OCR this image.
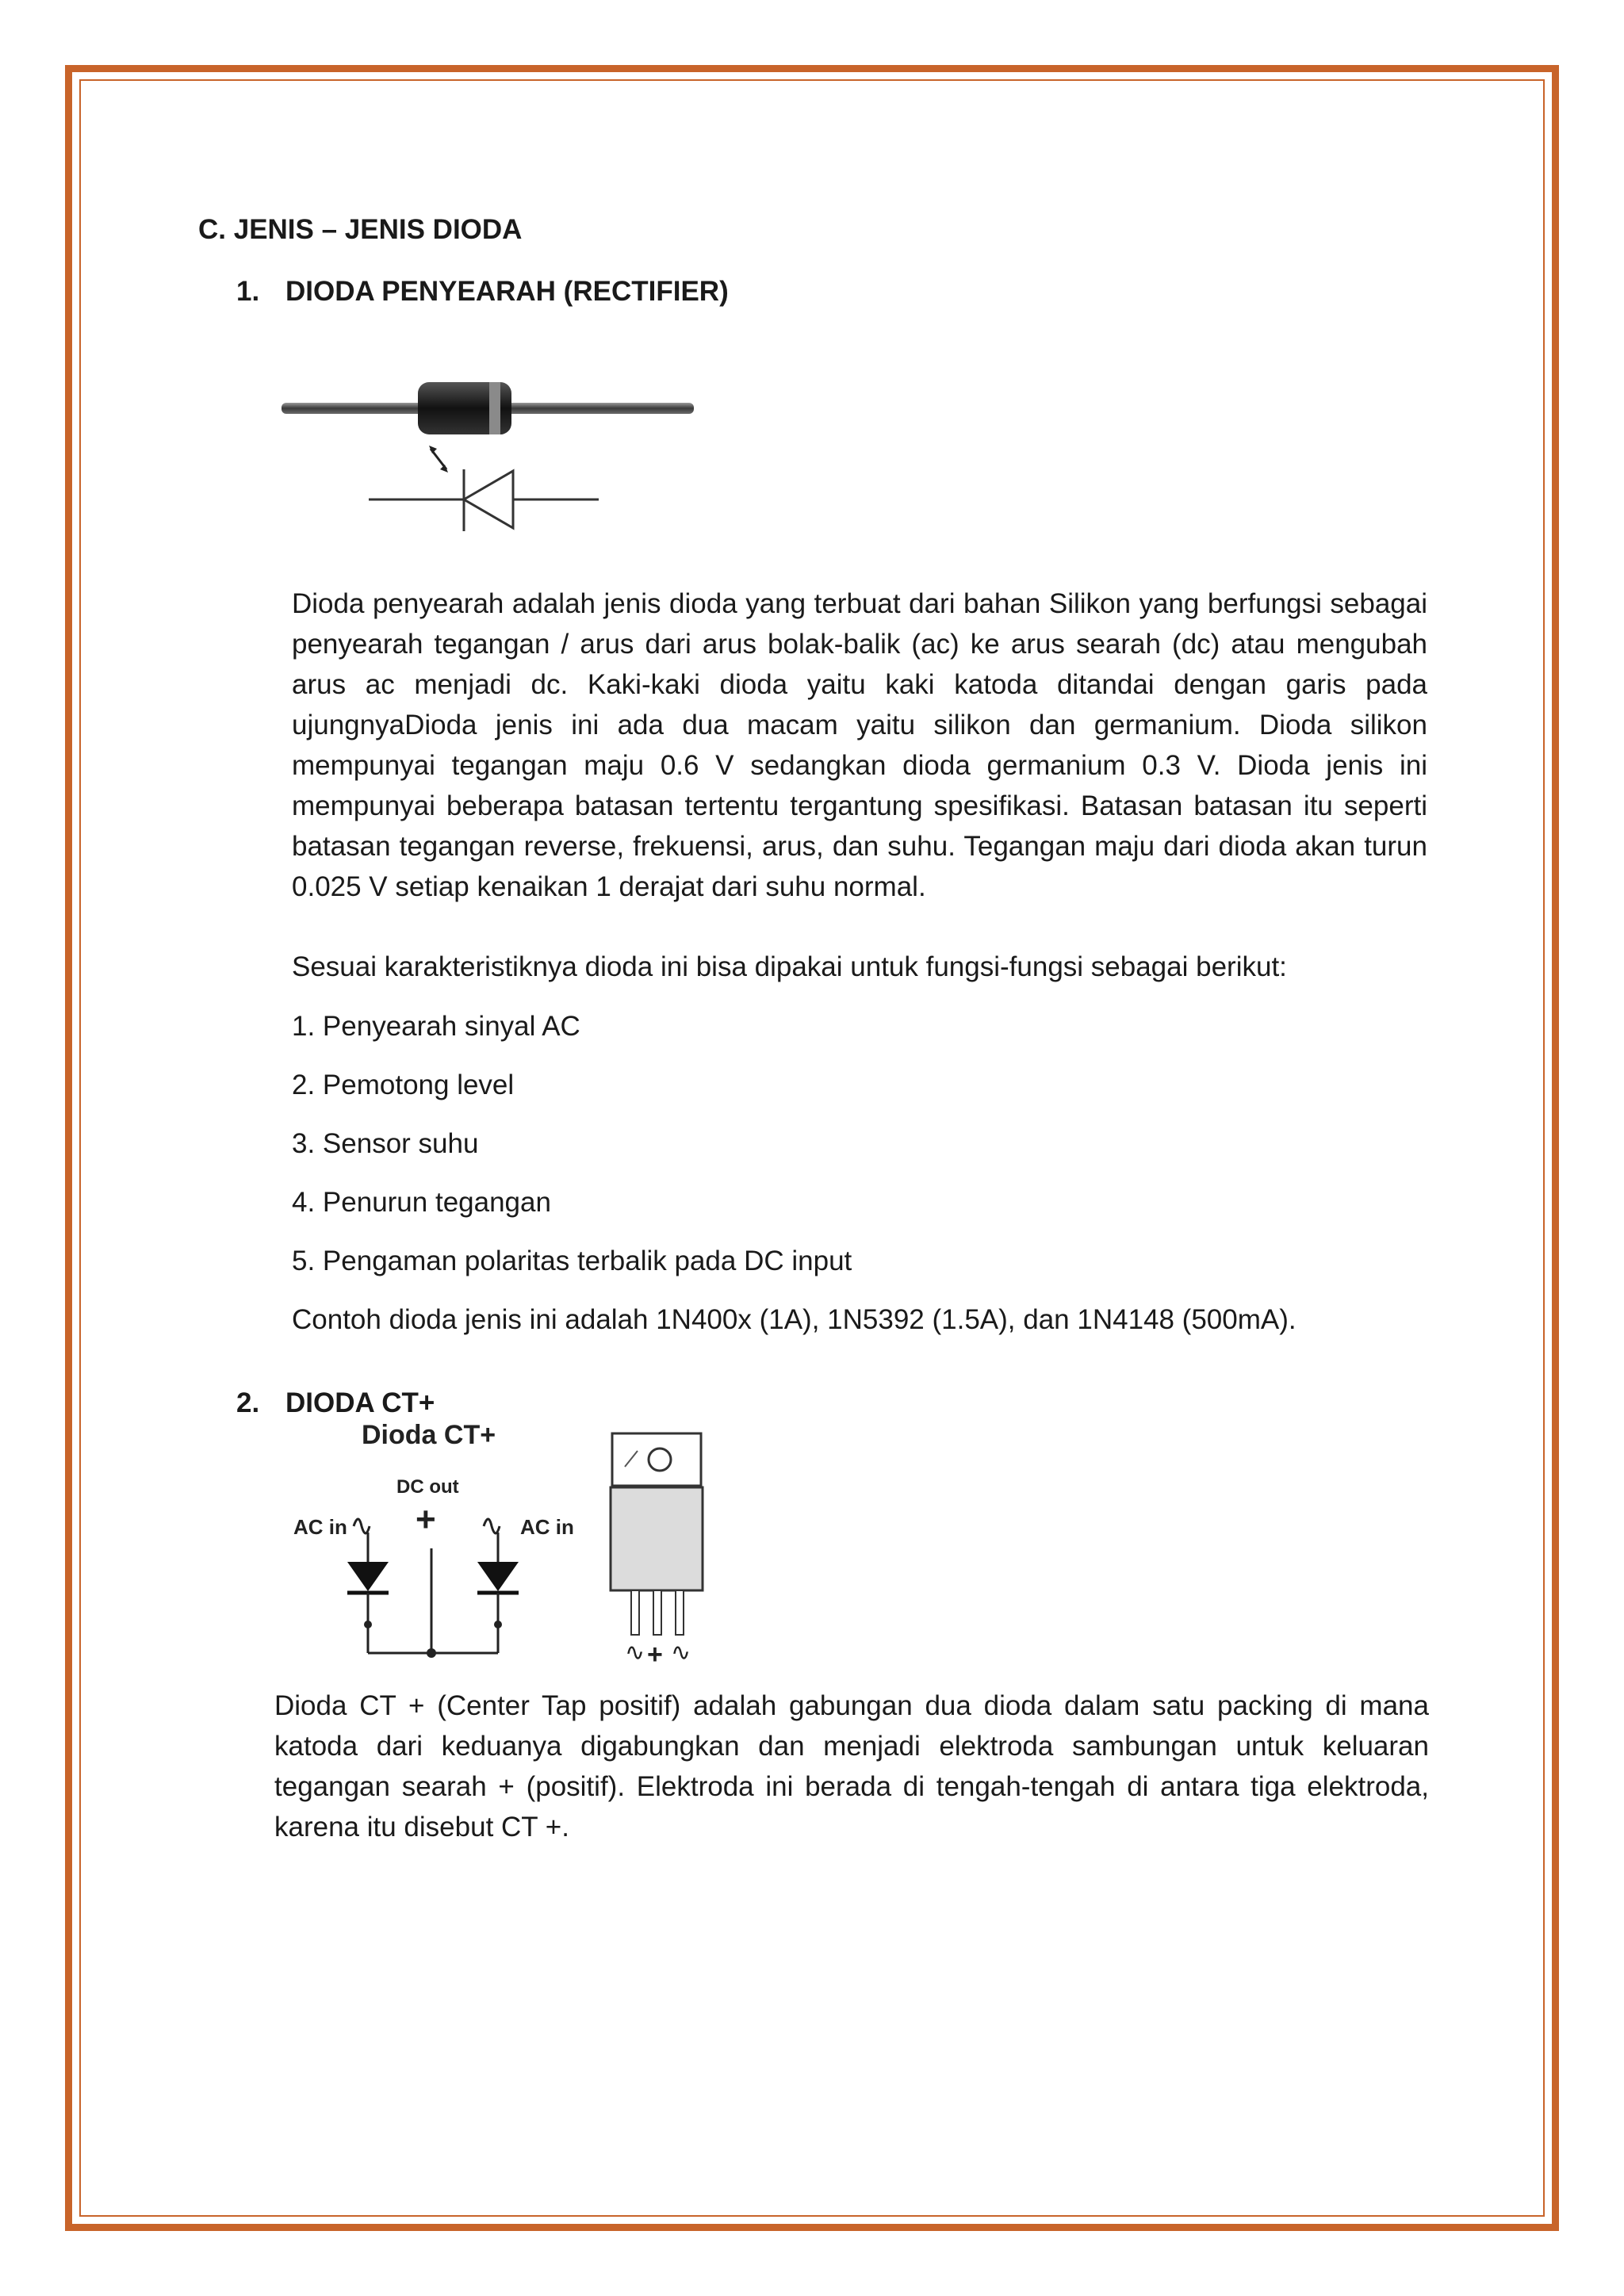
C. JENIS – JENIS DIODA
1. DIODA PENYEARAH (RECTIFIER)
Dioda penyearah adalah jenis dioda yang terbuat dari bahan Silikon yang berfungsi sebagai penyearah tegangan / arus dari arus bolak-balik (ac) ke arus searah (dc) atau mengubah arus ac menjadi dc. Kaki-kaki dioda yaitu kaki katoda ditandai dengan garis pada ujungnyaDioda jenis ini ada dua macam yaitu silikon dan germanium. Dioda silikon mempunyai tegangan maju 0.6 V sedangkan dioda germanium 0.3 V. Dioda jenis ini mempunyai beberapa batasan tertentu tergantung spesifikasi. Batasan batasan itu seperti batasan tegangan reverse, frekuensi, arus, dan suhu. Tegangan maju dari dioda akan turun 0.025 V setiap kenaikan 1 derajat dari suhu normal.
Sesuai karakteristiknya dioda ini bisa dipakai untuk fungsi-fungsi sebagai berikut:
1. Penyearah sinyal AC
2. Pemotong level
3. Sensor suhu
4. Penurun tegangan
5. Pengaman polaritas terbalik pada DC input
Contoh dioda jenis ini adalah 1N400x (1A), 1N5392 (1.5A), dan 1N4148 (500mA).
2. DIODA CT+
Dioda CT+
DC out
+
AC in	AC in
∿ + ∿
Dioda CT + (Center Tap positif) adalah gabungan dua dioda dalam satu packing di mana katoda dari keduanya digabungkan dan menjadi elektroda sambungan untuk keluaran tegangan searah + (positif). Elektroda ini berada di tengah-tengah di antara tiga elektroda, karena itu disebut CT +.
